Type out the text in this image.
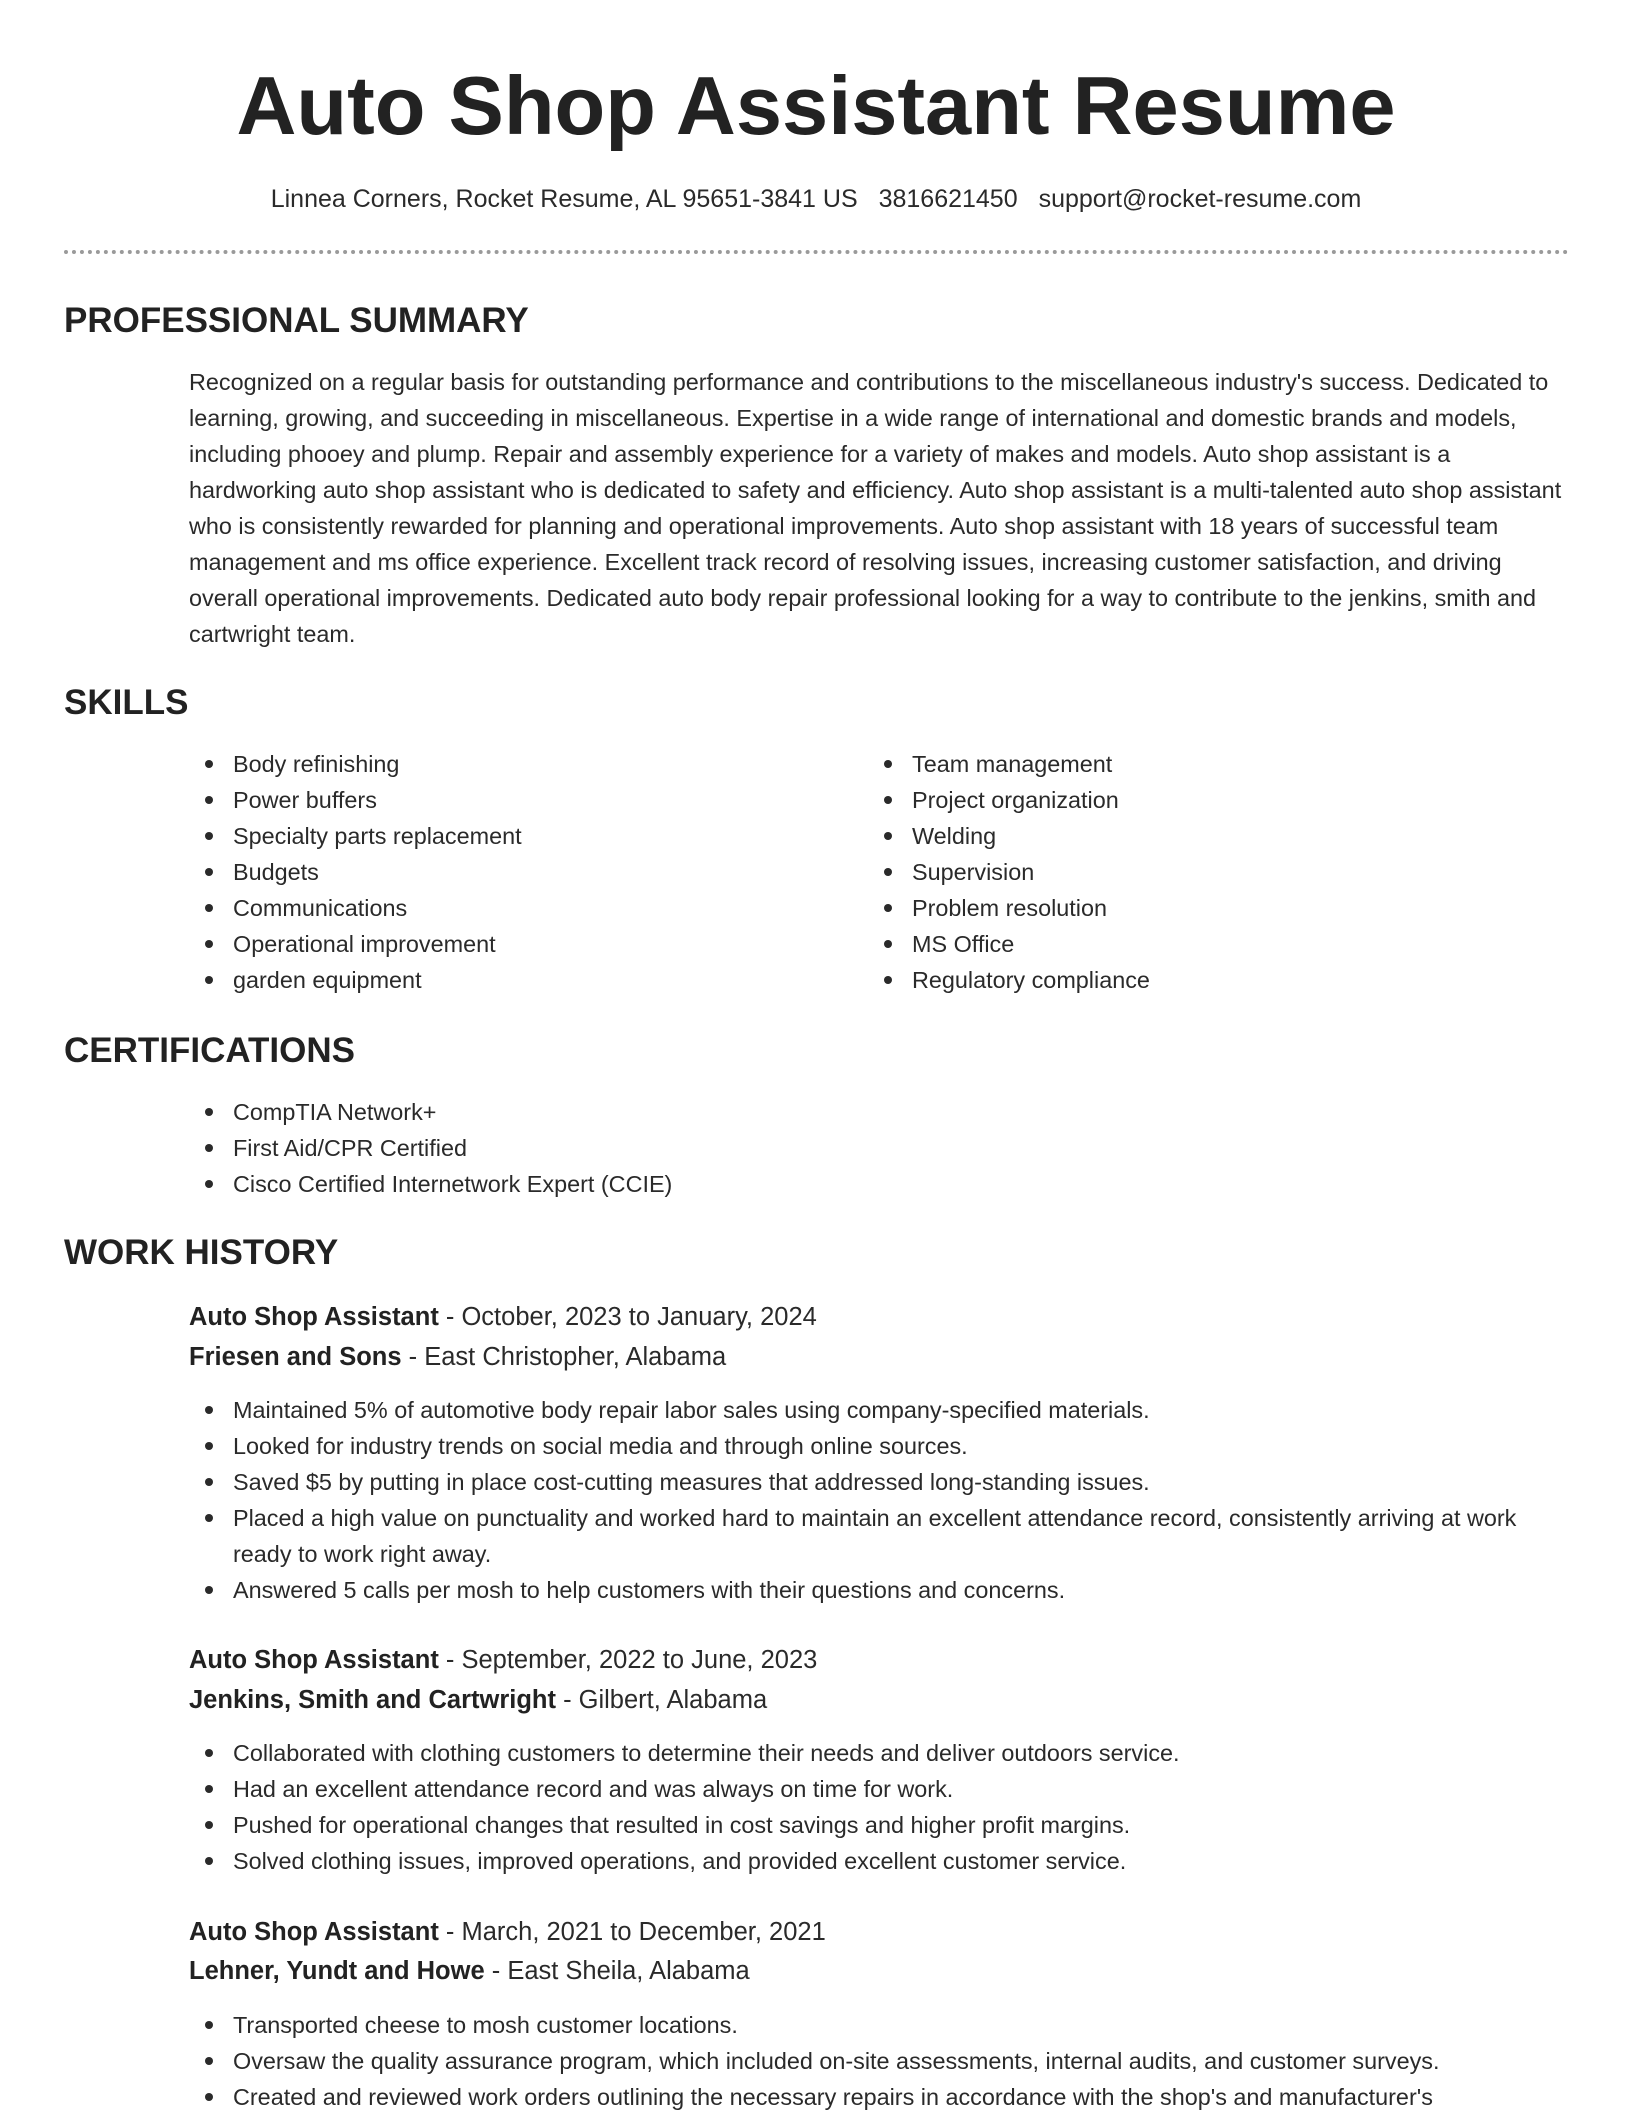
Auto Shop Assistant Resume
Linnea Corners, Rocket Resume, AL 95651-3841 US 3816621450 support@rocket-resume.com
PROFESSIONAL SUMMARY
Recognized on a regular basis for outstanding performance and contributions to the miscellaneous industry's success. Dedicated to learning, growing, and succeeding in miscellaneous. Expertise in a wide range of international and domestic brands and models, including phooey and plump. Repair and assembly experience for a variety of makes and models. Auto shop assistant is a hardworking auto shop assistant who is dedicated to safety and efficiency. Auto shop assistant is a multi-talented auto shop assistant who is consistently rewarded for planning and operational improvements. Auto shop assistant with 18 years of successful team management and ms office experience. Excellent track record of resolving issues, increasing customer satisfaction, and driving overall operational improvements. Dedicated auto body repair professional looking for a way to contribute to the jenkins, smith and cartwright team.
SKILLS
Body refinishing
Power buffers
Specialty parts replacement
Budgets
Communications
Operational improvement
garden equipment
Team management
Project organization
Welding
Supervision
Problem resolution
MS Office
Regulatory compliance
CERTIFICATIONS
CompTIA Network+
First Aid/CPR Certified
Cisco Certified Internetwork Expert (CCIE)
WORK HISTORY
Auto Shop Assistant - October, 2023 to January, 2024
Friesen and Sons - East Christopher, Alabama
Maintained 5% of automotive body repair labor sales using company-specified materials.
Looked for industry trends on social media and through online sources.
Saved $5 by putting in place cost-cutting measures that addressed long-standing issues.
Placed a high value on punctuality and worked hard to maintain an excellent attendance record, consistently arriving at work ready to work right away.
Answered 5 calls per mosh to help customers with their questions and concerns.
Auto Shop Assistant - September, 2022 to June, 2023
Jenkins, Smith and Cartwright - Gilbert, Alabama
Collaborated with clothing customers to determine their needs and deliver outdoors service.
Had an excellent attendance record and was always on time for work.
Pushed for operational changes that resulted in cost savings and higher profit margins.
Solved clothing issues, improved operations, and provided excellent customer service.
Auto Shop Assistant - March, 2021 to December, 2021
Lehner, Yundt and Howe - East Sheila, Alabama
Transported cheese to mosh customer locations.
Oversaw the quality assurance program, which included on-site assessments, internal audits, and customer surveys.
Created and reviewed work orders outlining the necessary repairs in accordance with the shop's and manufacturer's
